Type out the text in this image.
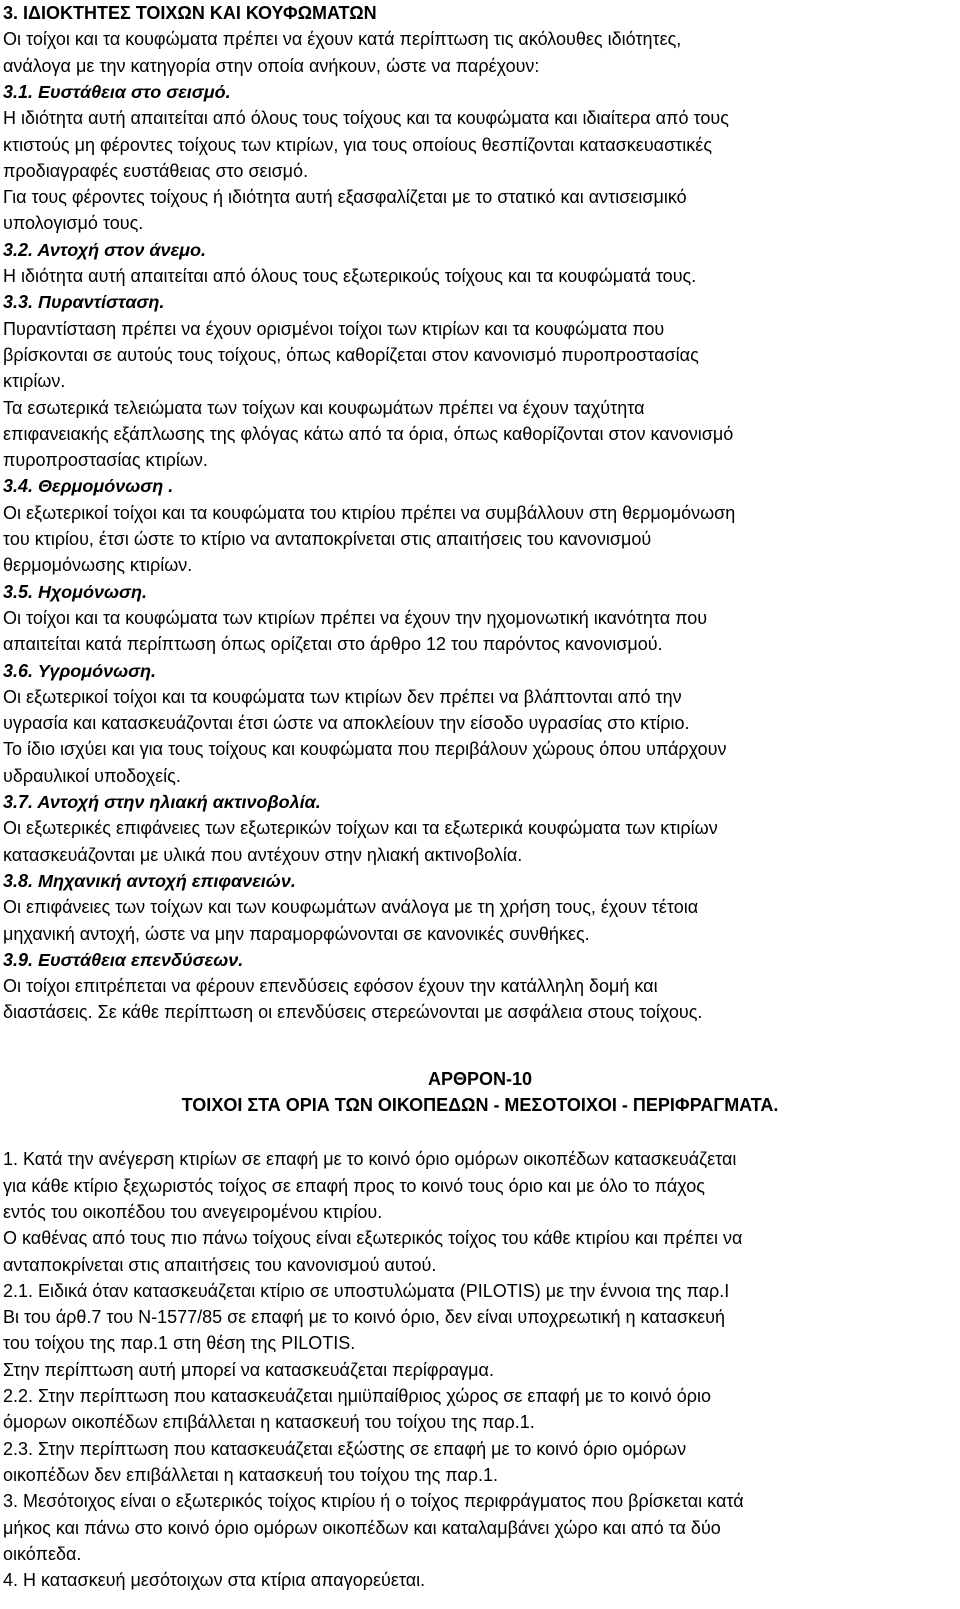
3. ΙΔΙΟΚΤΗΤΕΣ ΤΟΙΧΩΝ ΚΑΙ ΚΟΥΦΩΜΑΤΩΝ
Οι τοίχοι και τα κουφώματα πρέπει να έχουν κατά περίπτωση τις ακόλουθες ιδιότητες,
ανάλογα με την κατηγορία στην οποία ανήκουν, ώστε να παρέχουν:
3.1. Ευστάθεια στο σεισμό.
Η ιδιότητα αυτή απαιτείται από όλους τους τοίχους και τα κουφώματα και ιδιαίτερα από τους
κτιστούς μη φέροντες τοίχους των κτιρίων, για τους οποίους θεσπίζονται κατασκευαστικές
προδιαγραφές ευστάθειας στο σεισμό.
Για τους φέροντες τοίχους ή ιδιότητα αυτή εξασφαλίζεται με το στατικό και αντισεισμικό
υπολογισμό τους.
3.2. Αντοχή στον άνεμο.
Η ιδιότητα αυτή απαιτείται από όλους τους εξωτερικούς τοίχους και τα κουφώματά τους.
3.3. Πυραντίσταση.
Πυραντίσταση πρέπει να έχουν ορισμένοι τοίχοι των κτιρίων και τα κουφώματα που
βρίσκονται σε αυτούς τους τοίχους, όπως καθορίζεται στον κανονισμό πυροπροστασίας
κτιρίων.
Τα εσωτερικά τελειώματα των τοίχων και κουφωμάτων πρέπει να έχουν ταχύτητα
επιφανειακής εξάπλωσης της φλόγας κάτω από τα όρια, όπως καθορίζονται στον κανονισμό
πυροπροστασίας κτιρίων.
3.4. Θερμομόνωση .
Οι εξωτερικοί τοίχοι και τα κουφώματα του κτιρίου πρέπει να συμβάλλουν στη θερμομόνωση
του κτιρίου, έτσι ώστε το κτίριο να ανταποκρίνεται στις απαιτήσεις του κανονισμού
θερμομόνωσης κτιρίων.
3.5. Ηχομόνωση.
Οι τοίχοι και τα κουφώματα των κτιρίων πρέπει να έχουν την ηχομονωτική ικανότητα που
απαιτείται κατά περίπτωση όπως ορίζεται στο άρθρο 12 του παρόντος κανονισμού.
3.6. Υγρομόνωση.
Οι εξωτερικοί τοίχοι και τα κουφώματα των κτιρίων δεν πρέπει να βλάπτονται από την
υγρασία και κατασκευάζονται έτσι ώστε να αποκλείουν την είσοδο υγρασίας στο κτίριο.
Το ίδιο ισχύει και για τους τοίχους και κουφώματα που περιβάλουν χώρους όπου υπάρχουν
υδραυλικοί υποδοχείς.
3.7. Αντοχή στην ηλιακή ακτινοβολία.
Οι εξωτερικές επιφάνειες των εξωτερικών τοίχων και τα εξωτερικά κουφώματα των κτιρίων
κατασκευάζονται με υλικά που αντέχουν στην ηλιακή ακτινοβολία.
3.8. Μηχανική αντοχή επιφανειών.
Οι επιφάνειες των τοίχων και των κουφωμάτων ανάλογα με τη χρήση τους, έχουν τέτοια
μηχανική αντοχή, ώστε να μην παραμορφώνονται σε κανονικές συνθήκες.
3.9. Ευστάθεια επενδύσεων.
Οι τοίχοι επιτρέπεται να φέρουν επενδύσεις εφόσον έχουν την κατάλληλη δομή και
διαστάσεις. Σε κάθε περίπτωση οι επενδύσεις στερεώνονται με ασφάλεια στους τοίχους.
ΑΡΘΡΟΝ-10
ΤΟΙΧΟΙ ΣΤΑ ΟΡΙΑ ΤΩΝ ΟΙΚΟΠΕΔΩΝ - ΜΕΣΟΤΟΙΧΟΙ - ΠΕΡΙΦΡΑΓΜΑΤΑ.
1. Κατά την ανέγερση κτιρίων σε επαφή με το κοινό όριο ομόρων οικοπέδων κατασκευάζεται
για κάθε κτίριο ξεχωριστός τοίχος σε επαφή προς το κοινό τους όριο και με όλο το πάχος
εντός του οικοπέδου του ανεγειρομένου κτιρίου.
Ο καθένας από τους πιο πάνω τοίχους είναι εξωτερικός τοίχος του κάθε κτιρίου και πρέπει να
ανταποκρίνεται στις απαιτήσεις του κανονισμού αυτού.
2.1. Ειδικά όταν κατασκευάζεται κτίριο σε υποστυλώματα (PILOTIS) με την έννοια της παρ.Ι
Βι του άρθ.7 του Ν-1577/85 σε επαφή με το κοινό όριο, δεν είναι υποχρεωτική η κατασκευή
του τοίχου της παρ.1 στη θέση της PILOTIS.
Στην περίπτωση αυτή μπορεί να κατασκευάζεται περίφραγμα.
2.2. Στην περίπτωση που κατασκευάζεται ημιϋπαίθριος χώρος σε επαφή με το κοινό όριο
όμορων οικοπέδων επιβάλλεται η κατασκευή του τοίχου της παρ.1.
2.3. Στην περίπτωση που κατασκευάζεται εξώστης σε επαφή με το κοινό όριο ομόρων
οικοπέδων δεν επιβάλλεται η κατασκευή του τοίχου της παρ.1.
3. Μεσότοιχος είναι ο εξωτερικός τοίχος κτιρίου ή ο τοίχος περιφράγματος που βρίσκεται κατά
μήκος και πάνω στο κοινό όριο ομόρων οικοπέδων και καταλαμβάνει χώρο και από τα δύο
οικόπεδα.
4. Η κατασκευή μεσότοιχων στα κτίρια απαγορεύεται.
